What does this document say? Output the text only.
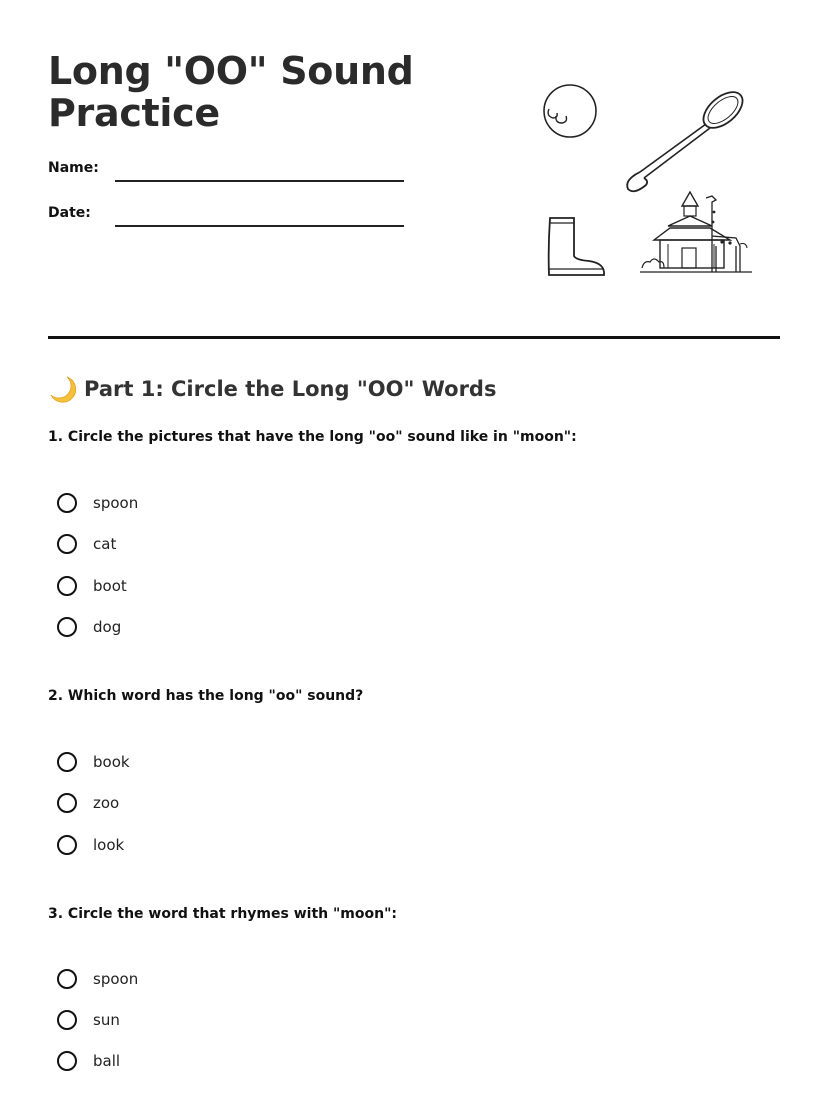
Long "OO" Sound
Practice
Name:
Date:
Part 1: Circle the Long "OO" Words

1. Circle the pictures that have the long "oo" sound like in "moon":

spoon
cat
boot
dog

2. Which word has the long "oo" sound?

book
zoo
look

3. Circle the word that rhymes with "moon":

spoon
sun
ball
